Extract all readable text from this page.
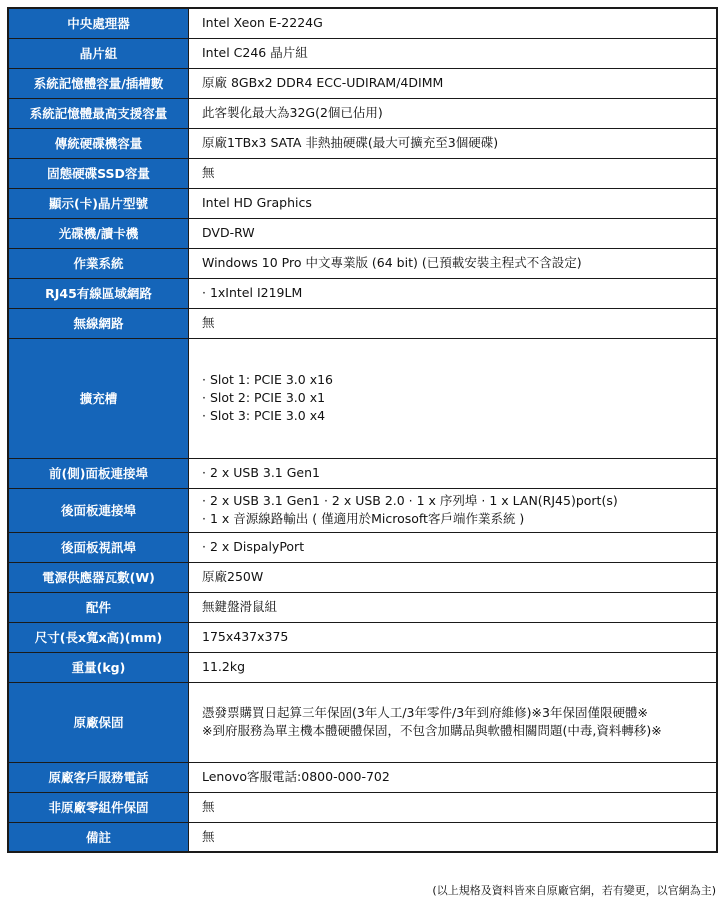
中央處理器	Intel Xeon E-2224G

晶片組	Intel C246 晶片組

系統記憶體容量/插槽數	原廠 8GBx2 DDR4 ECC-UDIRAM/4DIMM

系統記憶體最高支援容量	此客製化最大為32G(2個已佔用)

傳統硬碟機容量	原廠1TBx3 SATA 非熱抽硬碟(最大可擴充至3個硬碟)

固態硬碟SSD容量	無

顯示(卡)晶片型號	Intel HD Graphics

光碟機/讀卡機	DVD-RW

作業系統	Windows 10 Pro 中文專業版 (64 bit) (已預載安裝主程式不含設定)

RJ45有線區域網路	· 1xIntel I219LM

無線網路	無

擴充槽	· Slot 1: PCIE 3.0 x16
· Slot 2: PCIE 3.0 x1
· Slot 3: PCIE 3.0 x4

前(側)面板連接埠	· 2 x USB 3.1 Gen1

後面板連接埠	· 2 x USB 3.1 Gen1 · 2 x USB 2.0 · 1 x 序列埠 · 1 x LAN(RJ45)port(s)
· 1 x 音源線路輸出 ( 僅適用於Microsoft客戶端作業系統 )

後面板視訊埠	· 2 x DispalyPort

電源供應器瓦數(W)	原廠250W

配件	無鍵盤滑鼠組

尺寸(長x寬x高)(mm)	175x437x375

重量(kg)	11.2kg

原廠保固	憑發票購買日起算三年保固(3年人工/3年零件/3年到府維修)※3年保固僅限硬體※
※到府服務為單主機本體硬體保固，不包含加購品與軟體相關問題(中毒,資料轉移)※

原廠客戶服務電話	Lenovo客服電話:0800-000-702

非原廠零組件保固	無

備註	無
(以上規格及資料皆來自原廠官網，若有變更，以官網為主)
